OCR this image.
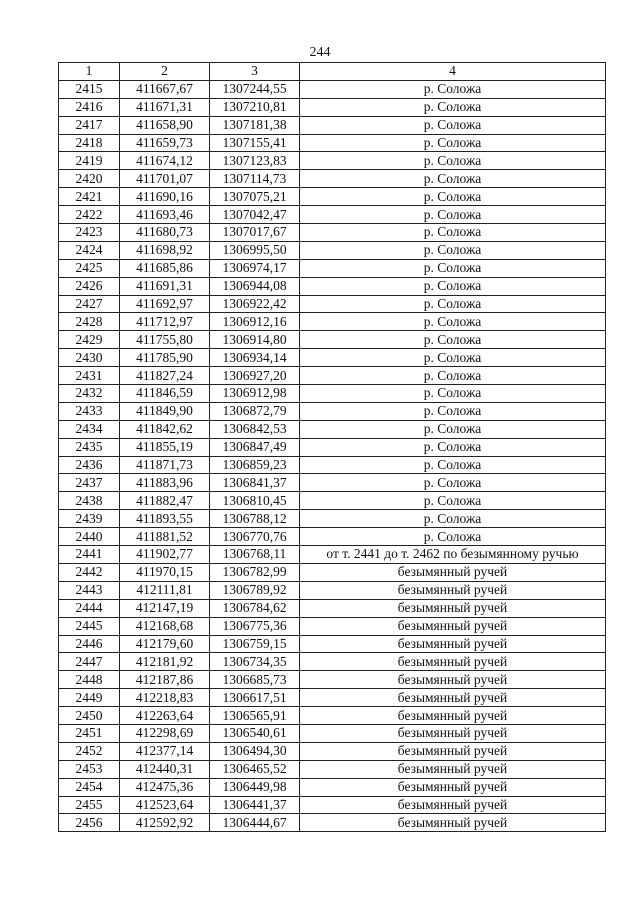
244
1	2	3	4
2415	411667,67	1307244,55	р. Соложа
2416	411671,31	1307210,81	р. Соложа
2417	411658,90	1307181,38	р. Соложа
2418	411659,73	1307155,41	р. Соложа
2419	411674,12	1307123,83	р. Соложа
2420	411701,07	1307114,73	р. Соложа
2421	411690,16	1307075,21	р. Соложа
2422	411693,46	1307042,47	р. Соложа
2423	411680,73	1307017,67	р. Соложа
2424	411698,92	1306995,50	р. Соложа
2425	411685,86	1306974,17	р. Соложа
2426	411691,31	1306944,08	р. Соложа
2427	411692,97	1306922,42	р. Соложа
2428	411712,97	1306912,16	р. Соложа
2429	411755,80	1306914,80	р. Соложа
2430	411785,90	1306934,14	р. Соложа
2431	411827,24	1306927,20	р. Соложа
2432	411846,59	1306912,98	р. Соложа
2433	411849,90	1306872,79	р. Соложа
2434	411842,62	1306842,53	р. Соложа
2435	411855,19	1306847,49	р. Соложа
2436	411871,73	1306859,23	р. Соложа
2437	411883,96	1306841,37	р. Соложа
2438	411882,47	1306810,45	р. Соложа
2439	411893,55	1306788,12	р. Соложа
2440	411881,52	1306770,76	р. Соложа
2441	411902,77	1306768,11	от т. 2441 до т. 2462 по безымянному ручью
2442	411970,15	1306782,99	безымянный ручей
2443	412111,81	1306789,92	безымянный ручей
2444	412147,19	1306784,62	безымянный ручей
2445	412168,68	1306775,36	безымянный ручей
2446	412179,60	1306759,15	безымянный ручей
2447	412181,92	1306734,35	безымянный ручей
2448	412187,86	1306685,73	безымянный ручей
2449	412218,83	1306617,51	безымянный ручей
2450	412263,64	1306565,91	безымянный ручей
2451	412298,69	1306540,61	безымянный ручей
2452	412377,14	1306494,30	безымянный ручей
2453	412440,31	1306465,52	безымянный ручей
2454	412475,36	1306449,98	безымянный ручей
2455	412523,64	1306441,37	безымянный ручей
2456	412592,92	1306444,67	безымянный ручей
